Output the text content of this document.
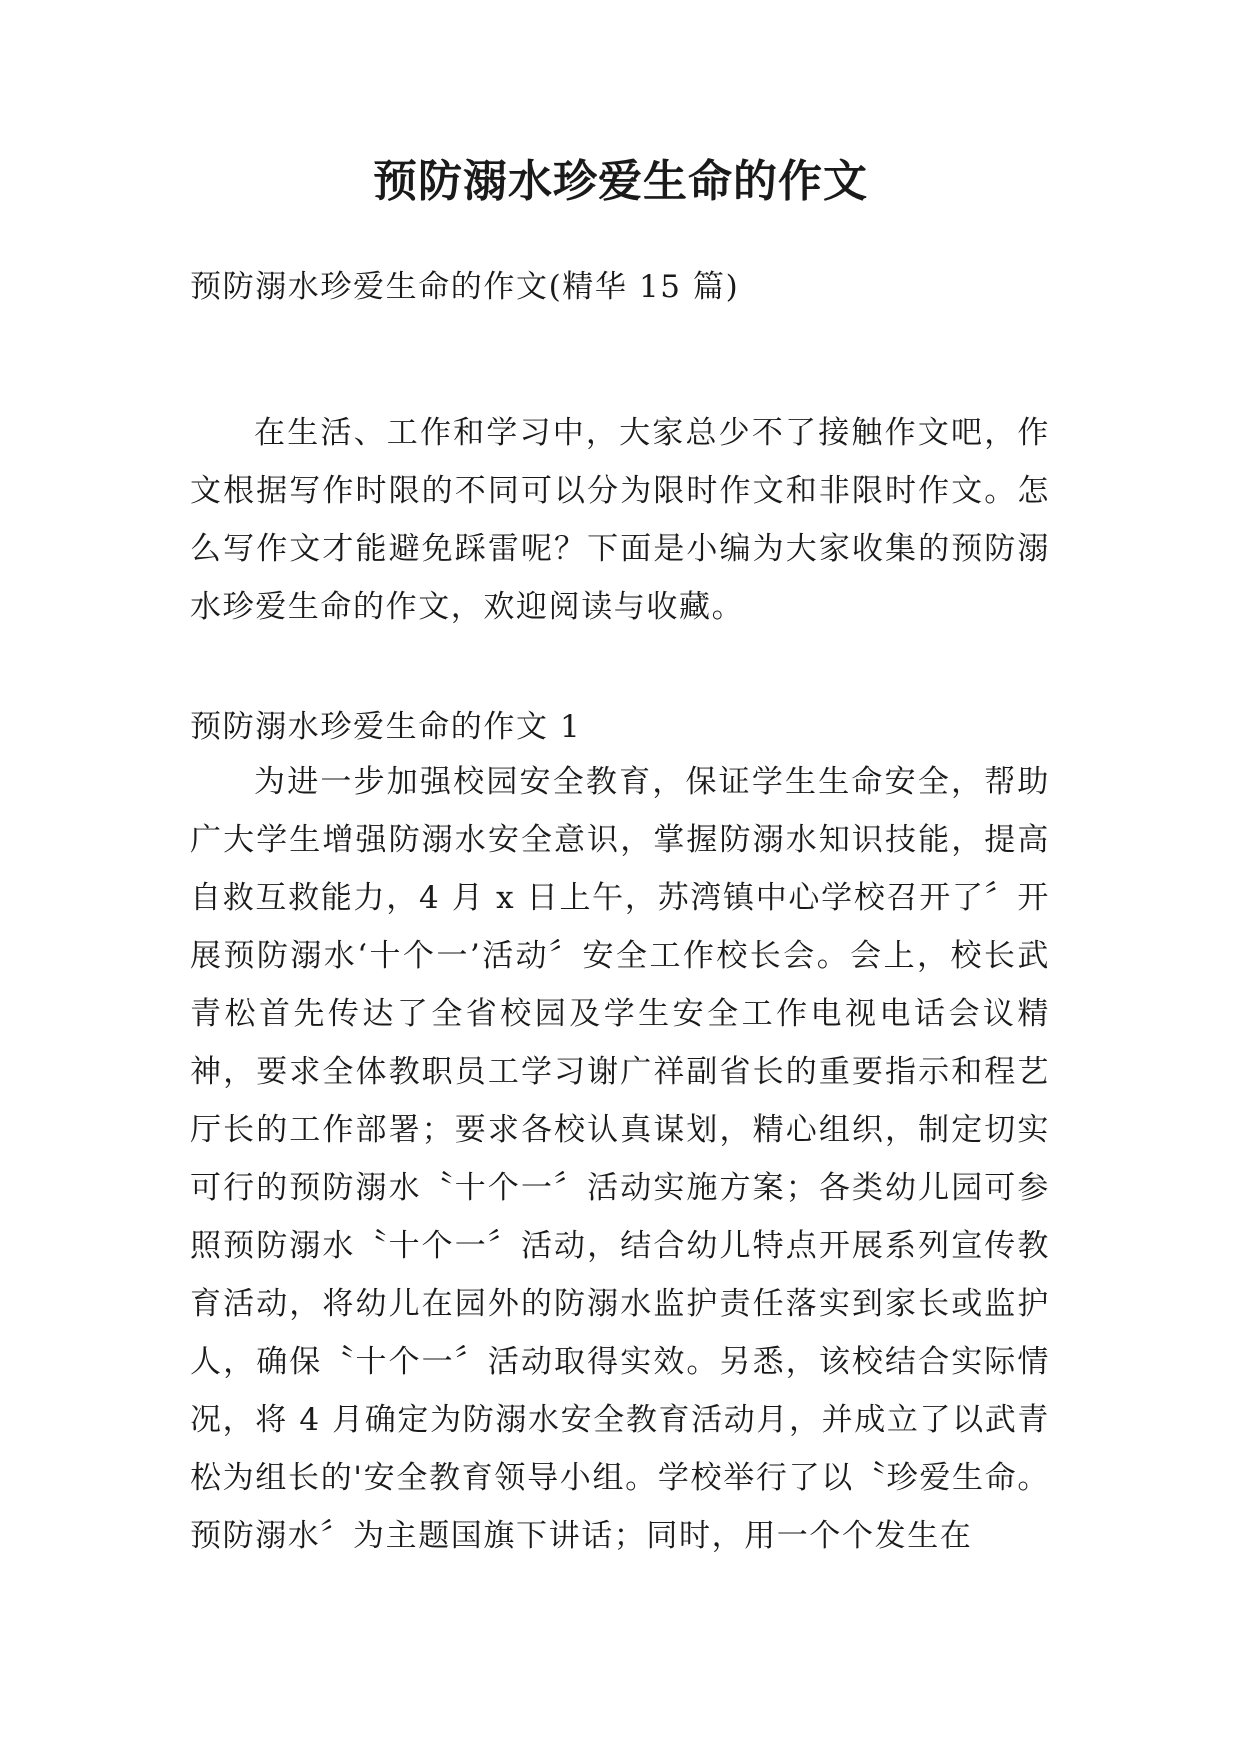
预防溺水珍爱生命的作文

预防溺水珍爱生命的作文(精华 15 篇)

在生活、工作和学习中，大家总少不了接触作文吧，作文根据写作时限的不同可以分为限时作文和非限时作文。怎么写作文才能避免踩雷呢？下面是小编为大家收集的预防溺水珍爱生命的作文，欢迎阅读与收藏。

预防溺水珍爱生命的作文 1

为进一步加强校园安全教育，保证学生生命安全，帮助广大学生增强防溺水安全意识，掌握防溺水知识技能，提高自救互救能力，4 月 x 日上午，苏湾镇中心学校召开了〞开展预防溺水‘十个一’活动〞安全工作校长会。会上，校长武青松首先传达了全省校园及学生安全工作电视电话会议精神，要求全体教职员工学习谢广祥副省长的重要指示和程艺厅长的工作部署；要求各校认真谋划，精心组织，制定切实可行的预防溺水〝十个一〞活动实施方案；各类幼儿园可参照预防溺水〝十个一〞活动，结合幼儿特点开展系列宣传教育活动，将幼儿在园外的防溺水监护责任落实到家长或监护人，确保〝十个一〞活动取得实效。另悉，该校结合实际情况，将 4 月确定为防溺水安全教育活动月，并成立了以武青松为组长的'安全教育领导小组。学校举行了以〝珍爱生命。预防溺水〞为主题国旗下讲话；同时，用一个个发生在
